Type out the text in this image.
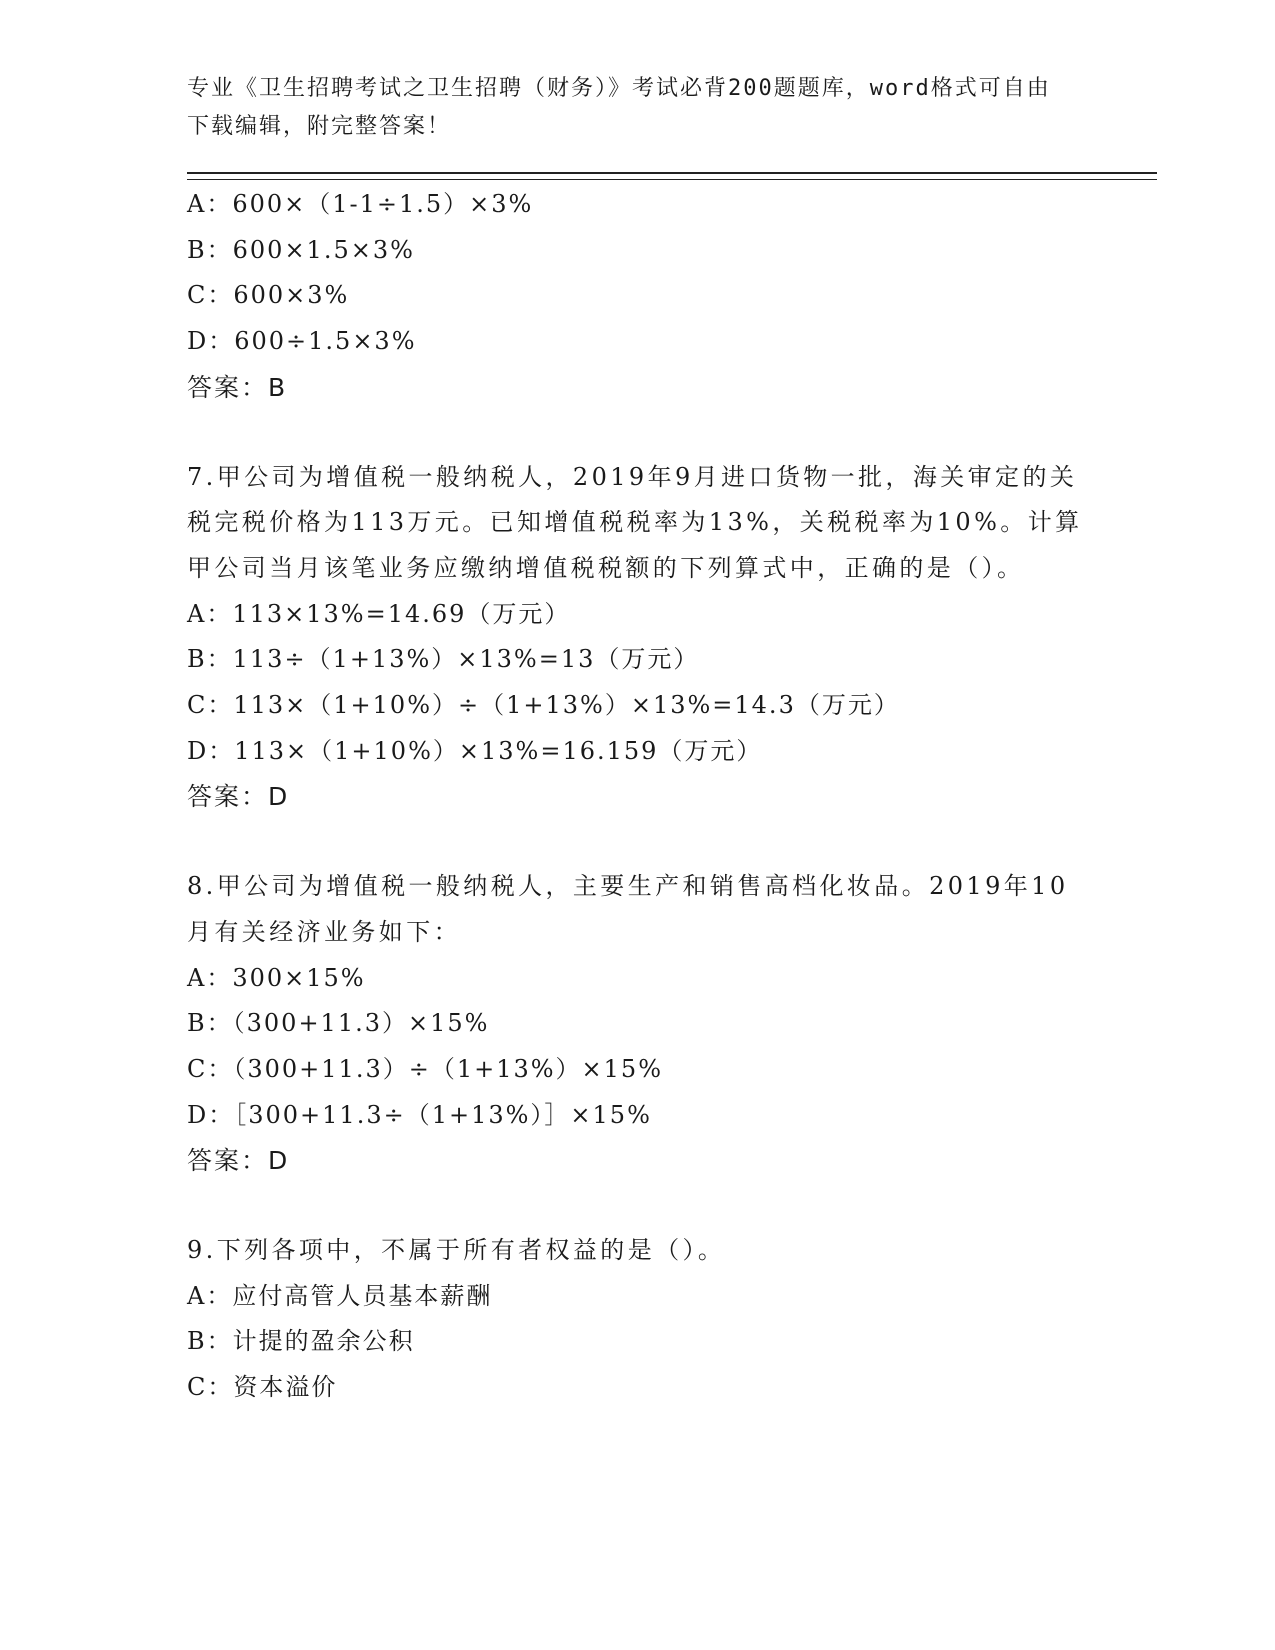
专业《卫生招聘考试之卫生招聘（财务）》考试必背200题题库，word格式可自由下载编辑，附完整答案！
A：600×（1-1÷1.5）×3%
B：600×1.5×3%
C：600×3%
D：600÷1.5×3%
答案：B
7.甲公司为增值税一般纳税人，2019年9月进口货物一批，海关审定的关税完税价格为113万元。已知增值税税率为13%，关税税率为10%。计算甲公司当月该笔业务应缴纳增值税税额的下列算式中，正确的是（）。
A：113×13%=14.69（万元）
B：113÷（1+13%）×13%=13（万元）
C：113×（1+10%）÷（1+13%）×13%=14.3（万元）
D：113×（1+10%）×13%=16.159（万元）
答案：D
8.甲公司为增值税一般纳税人，主要生产和销售高档化妆品。2019年10月有关经济业务如下：
A：300×15%
B：（300+11.3）×15%
C：（300+11.3）÷（1+13%）×15%
D：［300+11.3÷（1+13%）］×15%
答案：D
9.下列各项中，不属于所有者权益的是（）。
A：应付高管人员基本薪酬
B：计提的盈余公积
C：资本溢价
